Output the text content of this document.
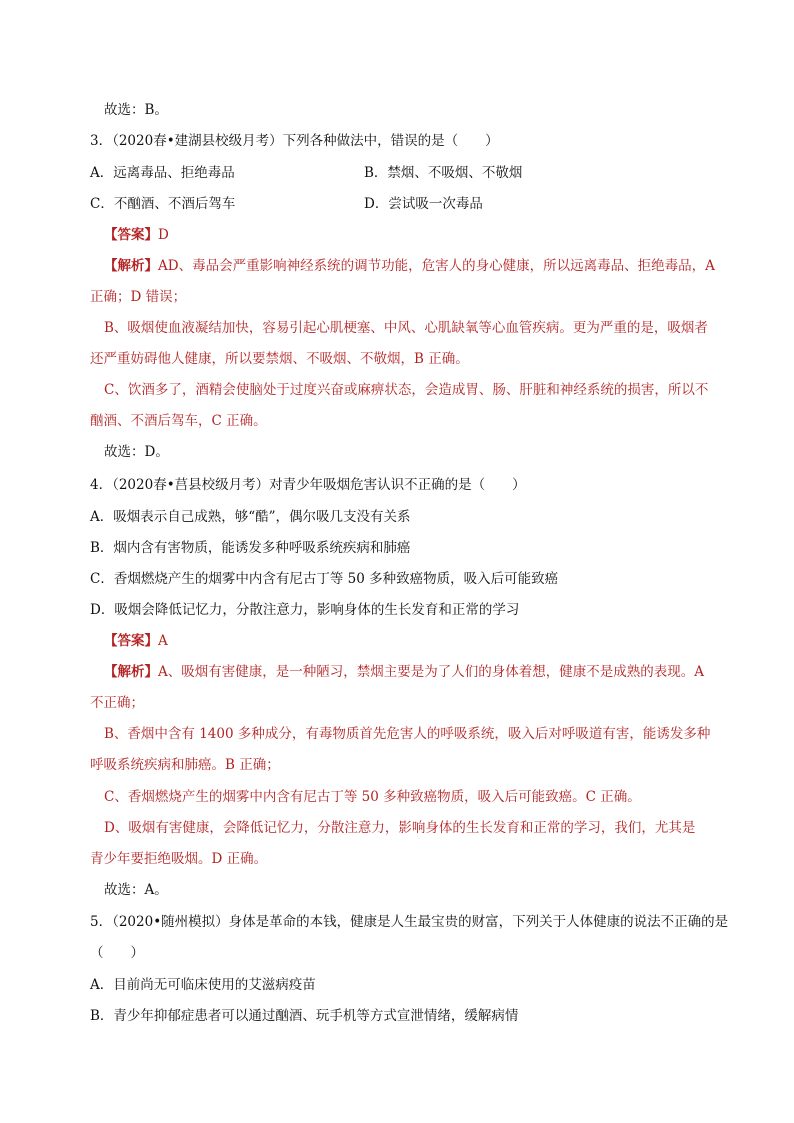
故选：B。
3．（2020春•建湖县校级月考）下列各种做法中，错误的是（　　）
A．远离毒品、拒绝毒品	B．禁烟、不吸烟、不敬烟
C．不酗酒、不酒后驾车	D．尝试吸一次毒品
【答案】D
【解析】AD、毒品会严重影响神经系统的调节功能，危害人的身心健康，所以远离毒品、拒绝毒品，A
正确；D 错误；
B、吸烟使血液凝结加快，容易引起心肌梗塞、中风、心肌缺氧等心血管疾病。更为严重的是，吸烟者
还严重妨碍他人健康，所以要禁烟、不吸烟、不敬烟，B 正确。
C、饮酒多了，酒精会使脑处于过度兴奋或麻痹状态，会造成胃、肠、肝脏和神经系统的损害，所以不
酗酒、不酒后驾车，C 正确。
故选：D。
4．（2020春•莒县校级月考）对青少年吸烟危害认识不正确的是（　　）
A．吸烟表示自己成熟，够“酷”，偶尔吸几支没有关系
B．烟内含有害物质，能诱发多种呼吸系统疾病和肺癌
C．香烟燃烧产生的烟雾中内含有尼古丁等 50 多种致癌物质，吸入后可能致癌
D．吸烟会降低记忆力，分散注意力，影响身体的生长发育和正常的学习
【答案】A
【解析】A、吸烟有害健康，是一种陋习，禁烟主要是为了人们的身体着想，健康不是成熟的表现。A
不正确；
B、香烟中含有 1400 多种成分，有毒物质首先危害人的呼吸系统，吸入后对呼吸道有害，能诱发多种
呼吸系统疾病和肺癌。B 正确；
C、香烟燃烧产生的烟雾中内含有尼古丁等 50 多种致癌物质，吸入后可能致癌。C 正确。
D、吸烟有害健康，会降低记忆力，分散注意力，影响身体的生长发育和正常的学习，我们，尤其是
青少年要拒绝吸烟。D 正确。
故选：A。
5．（2020•随州模拟）身体是革命的本钱，健康是人生最宝贵的财富，下列关于人体健康的说法不正确的是
（　　）
A．目前尚无可临床使用的艾滋病疫苗
B．青少年抑郁症患者可以通过酗酒、玩手机等方式宣泄情绪，缓解病情
